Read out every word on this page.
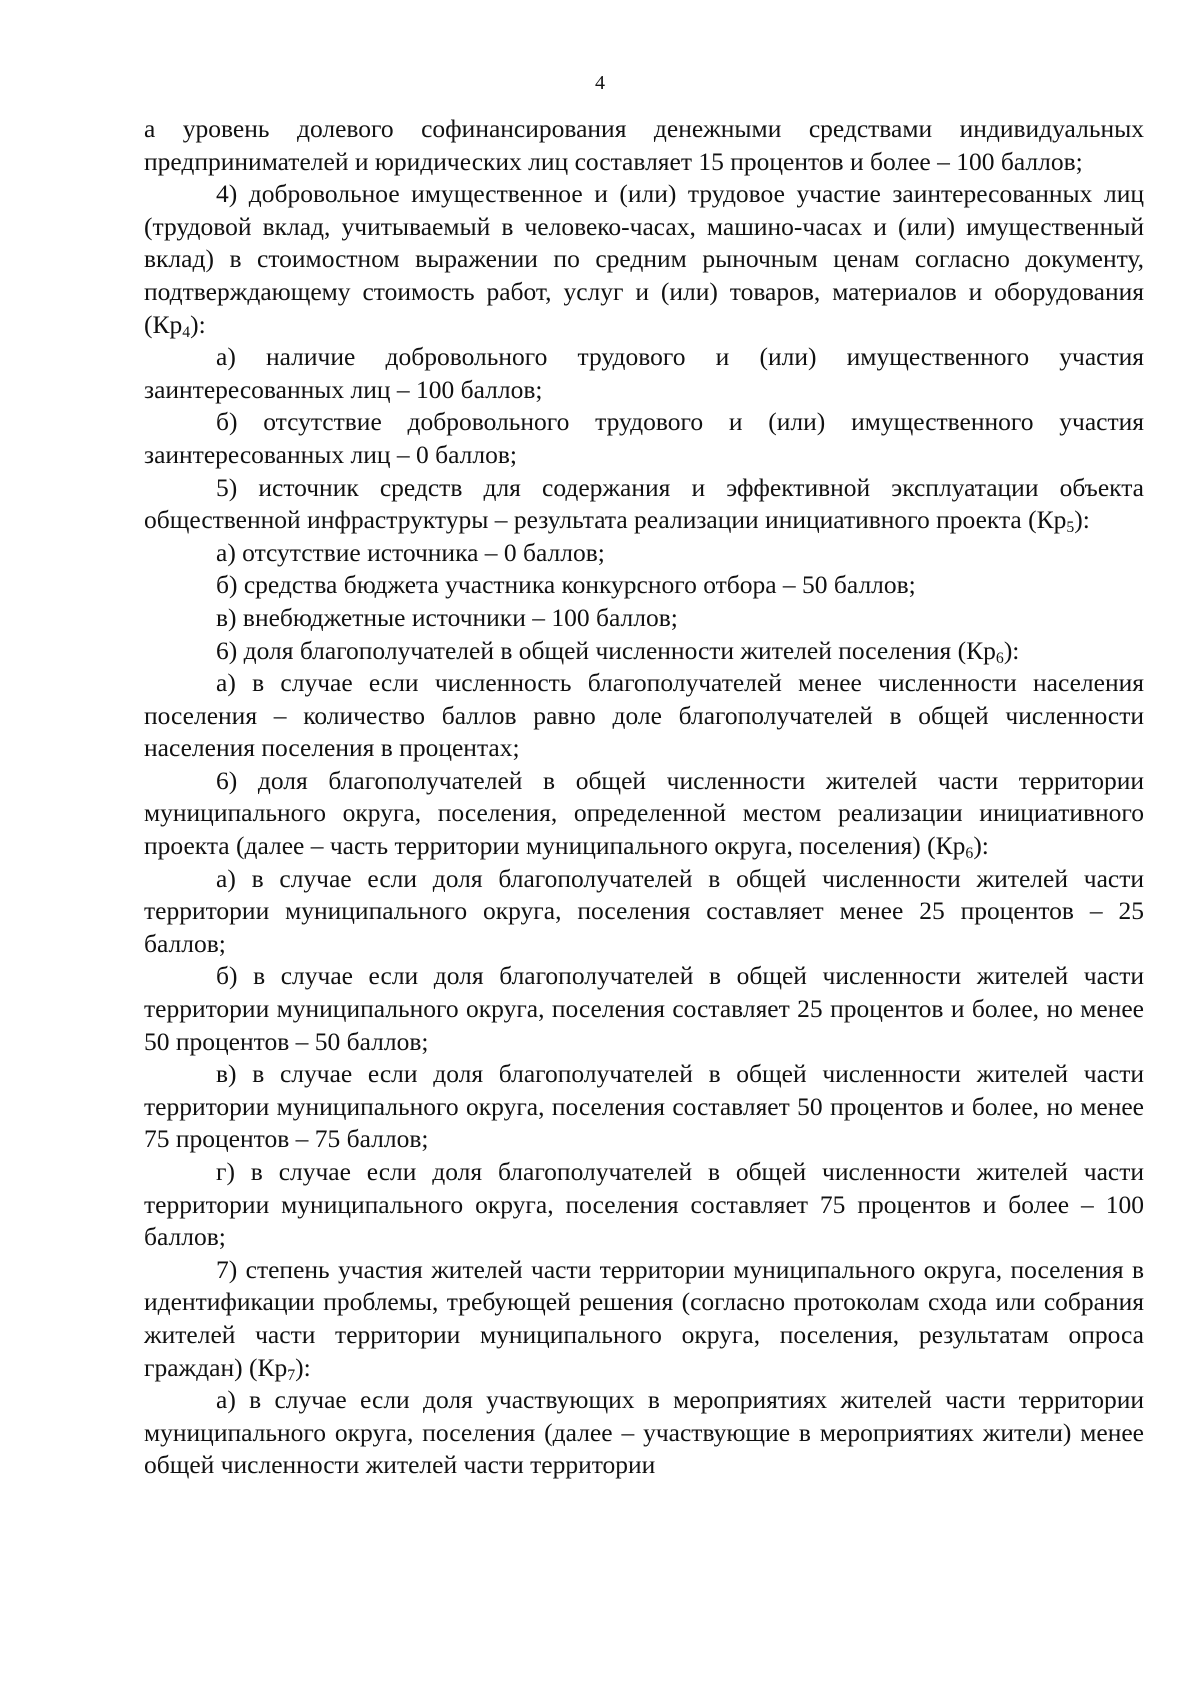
4

а уровень долевого софинансирования денежными средствами индивидуальных предпринимателей и юридических лиц составляет 15 процентов и более – 100 баллов;

4) добровольное имущественное и (или) трудовое участие заинтересованных лиц (трудовой вклад, учитываемый в человеко-часах, машино-часах и (или) имущественный вклад) в стоимостном выражении по средним рыночным ценам согласно документу, подтверждающему стоимость работ, услуг и (или) товаров, материалов и оборудования $(Кр_4)$:

а) наличие добровольного трудового и (или) имущественного участия заинтересованных лиц – 100 баллов;

б) отсутствие добровольного трудового и (или) имущественного участия заинтересованных лиц – 0 баллов;

5) источник средств для содержания и эффективной эксплуатации объекта общественной инфраструктуры – результата реализации инициативного проекта $(Кр_5)$:

а) отсутствие источника – 0 баллов;

б) средства бюджета участника конкурсного отбора – 50 баллов;

в) внебюджетные источники – 100 баллов;

6) доля благополучателей в общей численности жителей поселения $(Кр_6)$:

а) в случае если численность благополучателей менее численности населения поселения – количество баллов равно доле благополучателей в общей численности населения поселения в процентах;

6) доля благополучателей в общей численности жителей части территории муниципального округа, поселения, определенной местом реализации инициативного проекта (далее – часть территории муниципального округа, поселения) $(Кр_6)$:

а) в случае если доля благополучателей в общей численности жителей части территории муниципального округа, поселения составляет менее 25 процентов – 25 баллов;

б) в случае если доля благополучателей в общей численности жителей части территории муниципального округа, поселения составляет 25 процентов и более, но менее 50 процентов – 50 баллов;

в) в случае если доля благополучателей в общей численности жителей части территории муниципального округа, поселения составляет 50 процентов и более, но менее 75 процентов – 75 баллов;

г) в случае если доля благополучателей в общей численности жителей части территории муниципального округа, поселения составляет 75 процентов и более – 100 баллов;

7) степень участия жителей части территории муниципального округа, поселения в идентификации проблемы, требующей решения (согласно протоколам схода или собрания жителей части территории муниципального округа, поселения, результатам опроса граждан) $(Кр_7)$:

а) в случае если доля участвующих в мероприятиях жителей части территории муниципального округа, поселения (далее – участвующие в мероприятиях жители) менее общей численности жителей части территории
